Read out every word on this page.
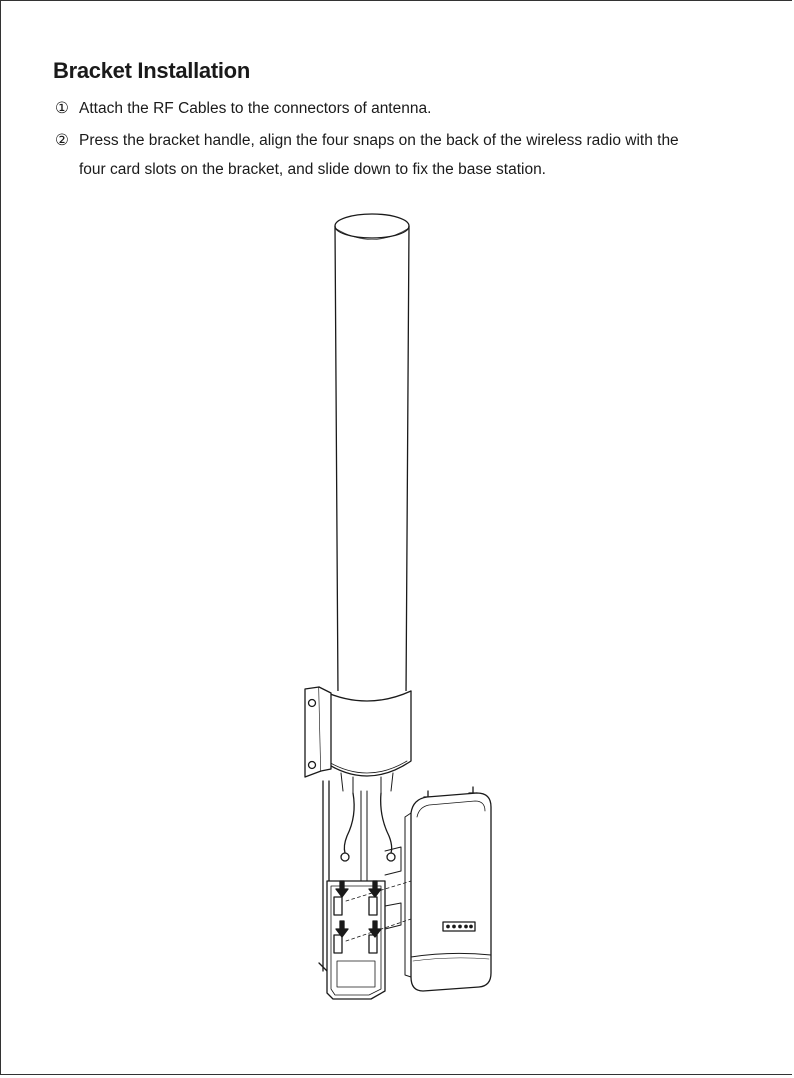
Bracket Installation
① Attach the RF Cables to the connectors of antenna.
② Press the bracket handle, align the four snaps on the back of the wireless radio with the
four card slots on the bracket, and slide down to fix the base station.
